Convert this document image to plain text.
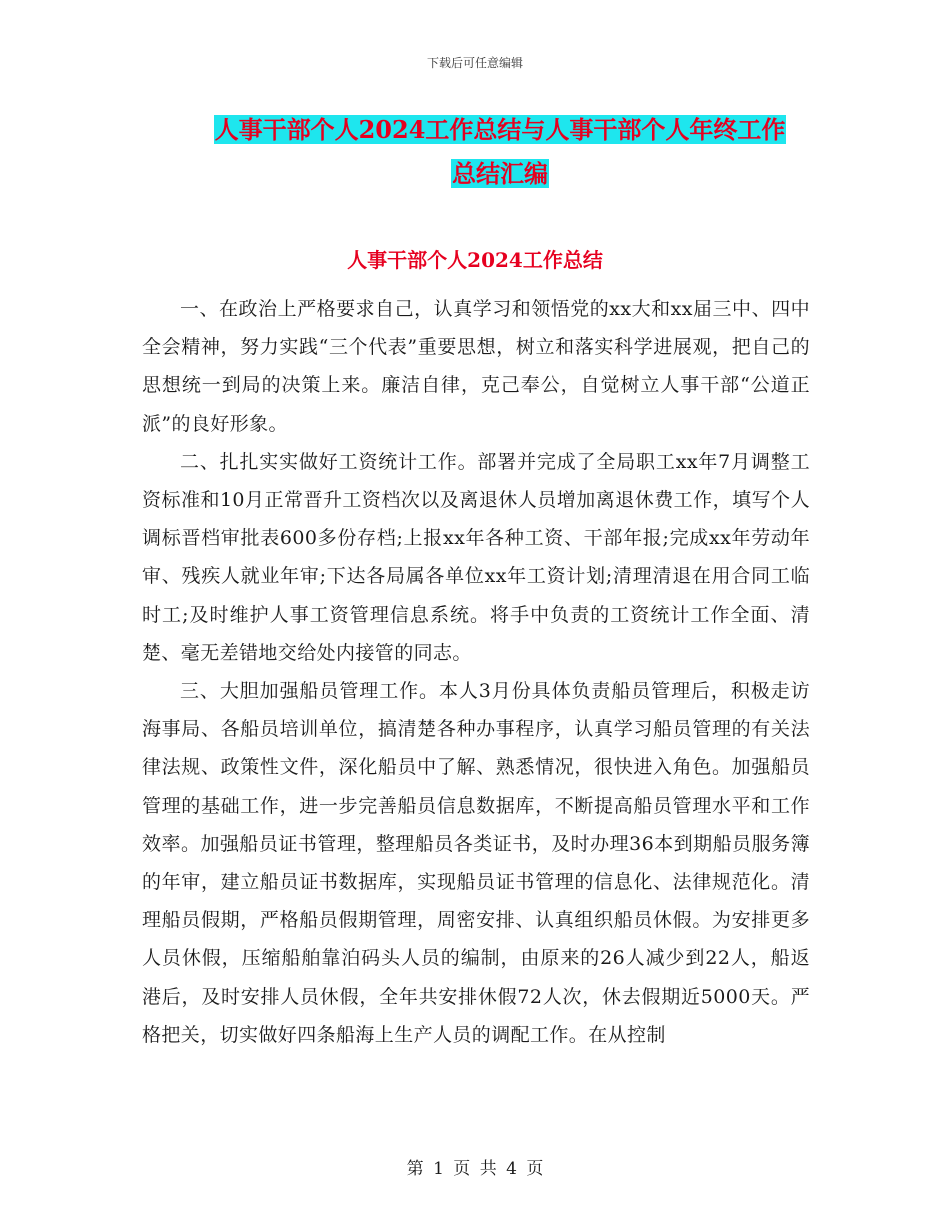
下载后可任意编辑
人事干部个人2024工作总结与人事干部个人年终工作
总结汇编
人事干部个人2024工作总结

一、在政治上严格要求自己，认真学习和领悟党的xx大和xx届三中、四中全会精神，努力实践“三个代表”重要思想，树立和落实科学进展观，把自己的思想统一到局的决策上来。廉洁自律，克己奉公，自觉树立人事干部“公道正派”的良好形象。

二、扎扎实实做好工资统计工作。部署并完成了全局职工xx年7月调整工资标准和10月正常晋升工资档次以及离退休人员增加离退休费工作，填写个人调标晋档审批表600多份存档;上报xx年各种工资、干部年报;完成xx年劳动年审、残疾人就业年审;下达各局属各单位xx年工资计划;清理清退在用合同工临时工;及时维护人事工资管理信息系统。将手中负责的工资统计工作全面、清楚、毫无差错地交给处内接管的同志。

三、大胆加强船员管理工作。本人3月份具体负责船员管理后，积极走访海事局、各船员培训单位，搞清楚各种办事程序，认真学习船员管理的有关法律法规、政策性文件，深化船员中了解、熟悉情况，很快进入角色。加强船员管理的基础工作，进一步完善船员信息数据库，不断提高船员管理水平和工作效率。加强船员证书管理，整理船员各类证书，及时办理36本到期船员服务簿的年审，建立船员证书数据库，实现船员证书管理的信息化、法律规范化。清理船员假期，严格船员假期管理，周密安排、认真组织船员休假。为安排更多人员休假，压缩船舶靠泊码头人员的编制，由原来的26人减少到22人，船返港后，及时安排人员休假，全年共安排休假72人次，休去假期近5000天。严格把关，切实做好四条船海上生产人员的调配工作。在从控制

第 1 页 共 4 页
